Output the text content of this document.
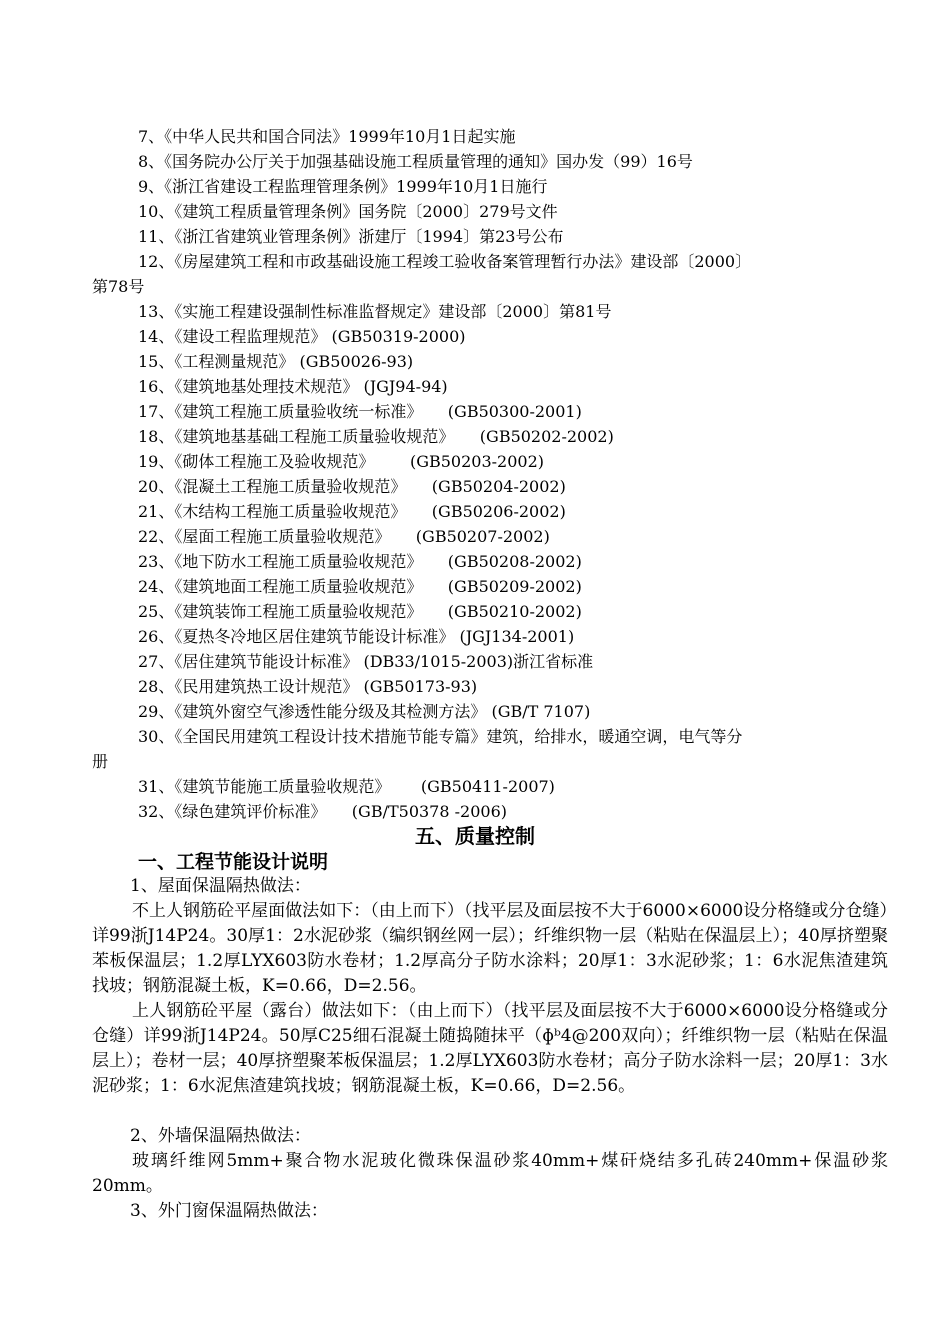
7、《中华人民共和国合同法》1999年10月1日起实施
8、《国务院办公厅关于加强基础设施工程质量管理的通知》国办发（99）16号
9、《浙江省建设工程监理管理条例》1999年10月1日施行
10、《建筑工程质量管理条例》国务院〔2000〕279号文件
11、《浙江省建筑业管理条例》浙建厅〔1994〕第23号公布
12、《房屋建筑工程和市政基础设施工程竣工验收备案管理暂行办法》建设部〔2000〕
第78号
13、《实施工程建设强制性标准监督规定》建设部〔2000〕第81号
14、《建设工程监理规范》 (GB50319-2000)
15、《工程测量规范》 (GB50026-93)
16、《建筑地基处理技术规范》 (JGJ94-94)
17、《建筑工程施工质量验收统一标准》     (GB50300-2001)
18、《建筑地基基础工程施工质量验收规范》     (GB50202-2002)
19、《砌体工程施工及验收规范》       (GB50203-2002)
20、《混凝土工程施工质量验收规范》     (GB50204-2002)
21、《木结构工程施工质量验收规范》     (GB50206-2002)
22、《屋面工程施工质量验收规范》     (GB50207-2002)
23、《地下防水工程施工质量验收规范》     (GB50208-2002)
24、《建筑地面工程施工质量验收规范》     (GB50209-2002)
25、《建筑装饰工程施工质量验收规范》     (GB50210-2002)
26、《夏热冬冷地区居住建筑节能设计标准》 (JGJ134-2001)
27、《居住建筑节能设计标准》 (DB33/1015-2003)浙江省标准
28、《民用建筑热工设计规范》 (GB50173-93)
29、《建筑外窗空气渗透性能分级及其检测方法》 (GB/T 7107)
30、《全国民用建筑工程设计技术措施节能专篇》建筑，给排水，暖通空调，电气等分
册
31、《建筑节能施工质量验收规范》      (GB50411-2007)
32、《绿色建筑评价标准》     (GB/T50378 -2006)
五、质量控制
一、工程节能设计说明
1、屋面保温隔热做法：
不上人钢筋砼平屋面做法如下：（由上而下）（找平层及面层按不大于6000×6000设分格缝或分仓缝）详99浙J14P24。30厚1：2水泥砂浆（编织钢丝网一层）；纤维织物一层（粘贴在保温层上）；40厚挤塑聚苯板保温层；1.2厚LYX603防水卷材；1.2厚高分子防水涂料；20厚1：3水泥砂浆；1：6水泥焦渣建筑找坡；钢筋混凝土板，K=0.66，D=2.56。
上人钢筋砼平屋（露台）做法如下：（由上而下）（找平层及面层按不大于6000×6000设分格缝或分仓缝）详99浙J14P24。50厚C25细石混凝土随捣随抹平（ɸᵇ4@200双向）；纤维织物一层（粘贴在保温层上）；卷材一层；40厚挤塑聚苯板保温层；1.2厚LYX603防水卷材；高分子防水涂料一层；20厚1：3水泥砂浆；1：6水泥焦渣建筑找坡；钢筋混凝土板，K=0.66，D=2.56。
2、外墙保温隔热做法：
玻璃纤维网5mm+聚合物水泥玻化微珠保温砂浆40mm+煤矸烧结多孔砖240mm+保温砂浆20mm。
3、外门窗保温隔热做法：
